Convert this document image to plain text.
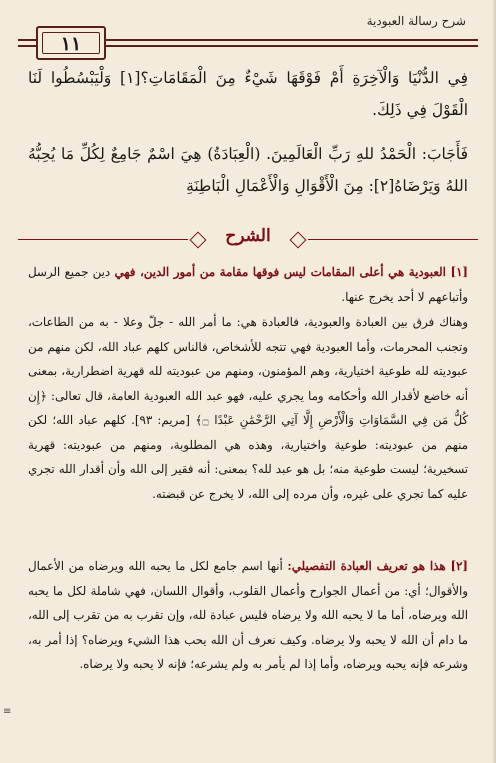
شرح رسالة العبودية
١١
فِي الدُّنْيَا وَالْآخِرَةِ أَمْ فَوْقَهَا شَيْءٌ مِنَ الْمَقَامَاتِ؟[١] وَلْيَبْسُطُوا لَنَا الْقَوْلَ فِي ذَلِكَ.
فَأَجَابَ: الْحَمْدُ للهِ رَبِّ الْعَالَمِينَ. (الْعِبَادَةُ) هِيَ اسْمٌ جَامِعٌ لِكُلِّ مَا يُحِبُّهُ اللهُ وَيَرْضَاهُ[٢]: مِنَ الْأَقْوَالِ وَالْأَعْمَالِ الْبَاطِنَةِ
الشرح
[١] العبودية هي أعلى المقامات ليس فوقها مقامة من أمور الدين، فهي دين جميع الرسل وأتباعهم لا أحد يخرج عنها.
وهناك فرق بين العبادة والعبودية، فالعبادة هي: ما أمر الله - جلّ وعلا - به من الطاعات، وتجنب المحرمات، وأما العبودية فهي تتجه للأشخاص، فالناس كلهم عباد الله، لكن منهم من عبوديته لله طوعية اختيارية، وهم المؤمنون، ومنهم من عبوديته لله قهرية اضطرارية، بمعنى أنه خاضع لأقدار الله وأحكامه وما يجري عليه، فهو عبد الله العبودية العامة، قال تعالى: ﴿إِن كُلُّ مَن فِي السَّمَاوَاتِ وَالْأَرْضِ إِلَّا آتِي الرَّحْمَٰنِ عَبْدًا ۝﴾ [مريم: ٩٣]. كلهم عباد الله؛ لكن منهم من عبوديته: طوعية واختيارية، وهذه هي المطلوبة، ومنهم من عبوديته: قهرية تسخيرية؛ ليست طوعية منه؛ بل هو عبد لله؟ بمعنى: أنه فقير إلى الله وأن أقدار الله تجري عليه كما تجري على غيره، وأن مرده إلى الله، لا يخرج عن قبضته.
[٢] هذا هو تعريف العبادة التفصيلي: أنها اسم جامع لكل ما يحبه الله ويرضاه من الأعمال والأقوال؛ أي: من أعمال الجوارح وأعمال القلوب، وأقوال اللسان، فهي شاملة لكل ما يحبه الله ويرضاه، أما ما لا يحبه الله ولا يرضاه فليس عبادة لله، وإن تقرب به من تقرب إلى الله، ما دام أن الله لا يحبه ولا يرضاه. وكيف نعرف أن الله يحب هذا الشيء ويرضاه؟ إذا أمر به، وشرعه فإنه يحبه ويرضاه، وأما إذا لم يأمر به ولم يشرعه؛ فإنه لا يحبه ولا يرضاه.
≡
